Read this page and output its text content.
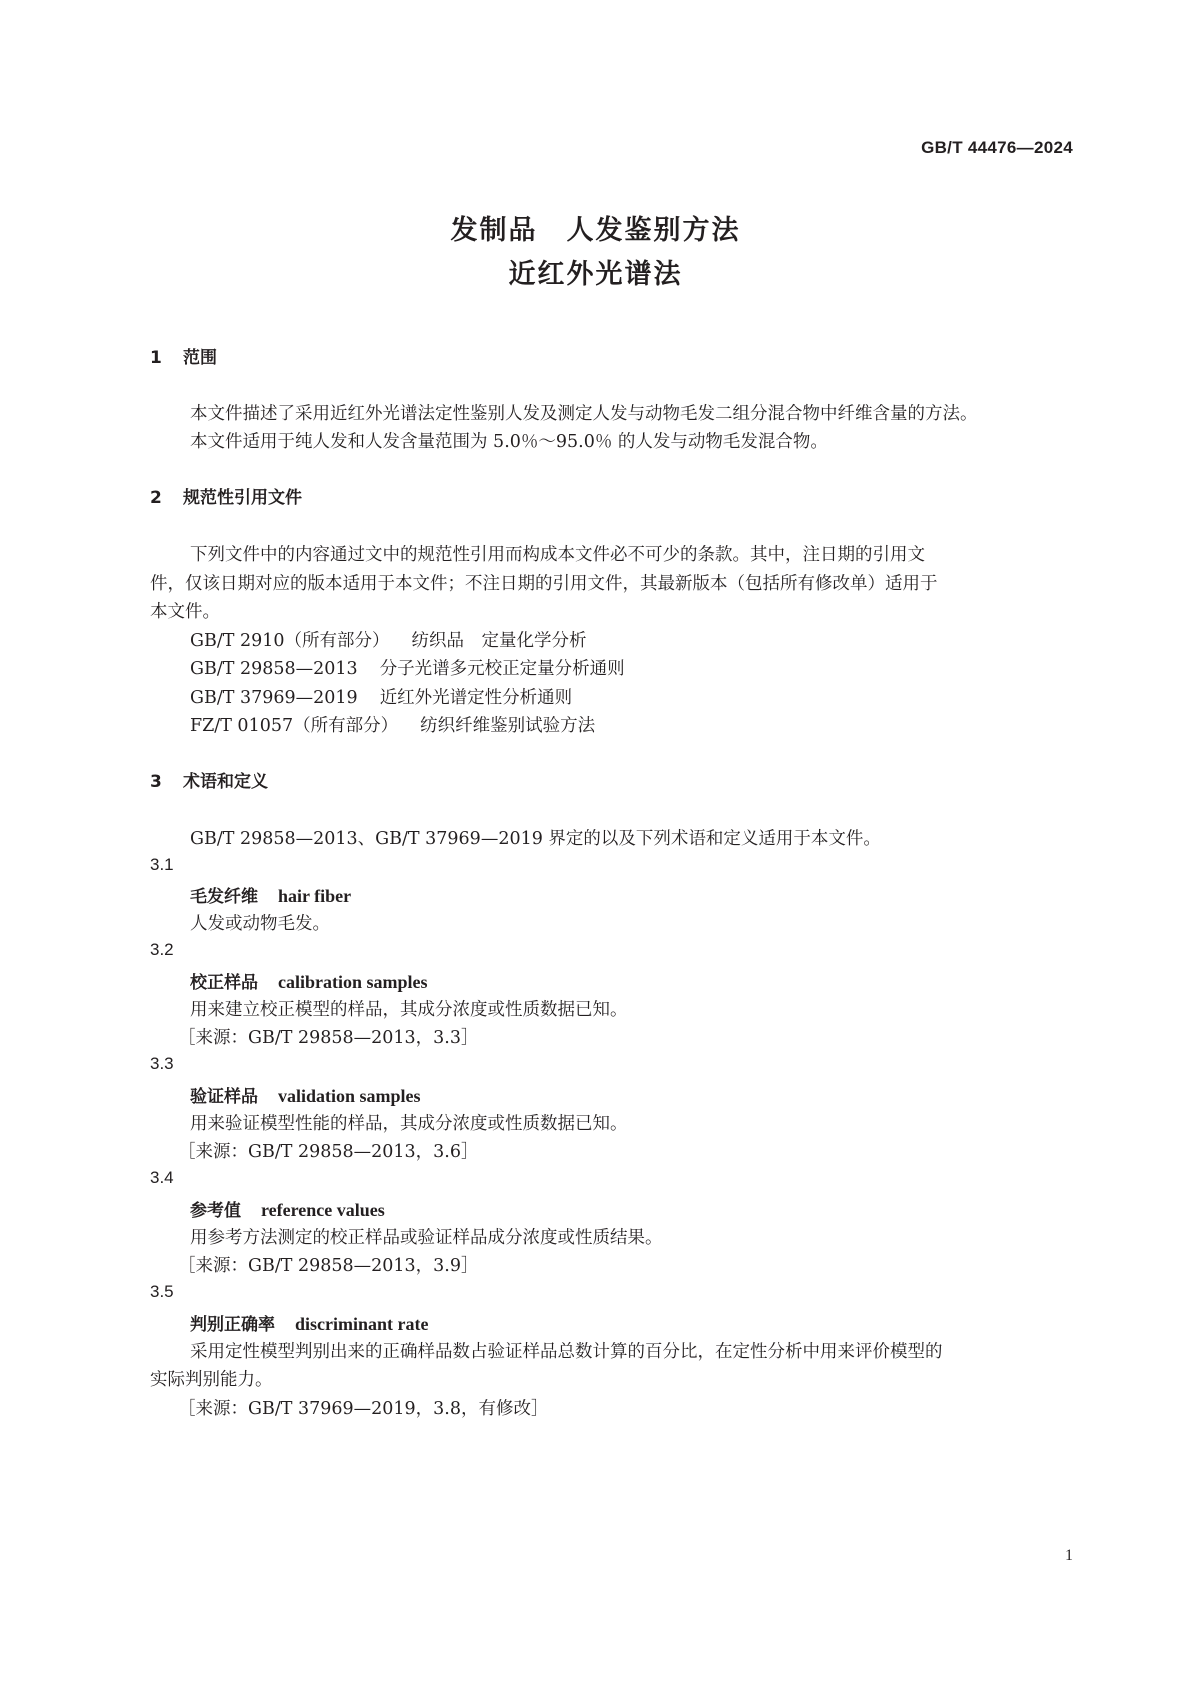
GB/T 44476—2024
发制品　人发鉴别方法
近红外光谱法
1 范围
本文件描述了采用近红外光谱法定性鉴别人发及测定人发与动物毛发二组分混合物中纤维含量的方法。
本文件适用于纯人发和人发含量范围为 5.0％～95.0％ 的人发与动物毛发混合物。
2 规范性引用文件
下列文件中的内容通过文中的规范性引用而构成本文件必不可少的条款。其中，注日期的引用文
件，仅该日期对应的版本适用于本文件；不注日期的引用文件，其最新版本（包括所有修改单）适用于
本文件。
GB/T 2910（所有部分） 纺织品　定量化学分析
GB/T 29858—2013 分子光谱多元校正定量分析通则
GB/T 37969—2019 近红外光谱定性分析通则
FZ/T 01057（所有部分） 纺织纤维鉴别试验方法
3 术语和定义
GB/T 29858—2013、GB/T 37969—2019 界定的以及下列术语和定义适用于本文件。
3.1
毛发纤维 hair fiber
人发或动物毛发。
3.2
校正样品 calibration samples
用来建立校正模型的样品，其成分浓度或性质数据已知。
［来源：GB/T 29858—2013，3.3］
3.3
验证样品 validation samples
用来验证模型性能的样品，其成分浓度或性质数据已知。
［来源：GB/T 29858—2013，3.6］
3.4
参考值 reference values
用参考方法测定的校正样品或验证样品成分浓度或性质结果。
［来源：GB/T 29858—2013，3.9］
3.5
判别正确率 discriminant rate
采用定性模型判别出来的正确样品数占验证样品总数计算的百分比，在定性分析中用来评价模型的
实际判别能力。
［来源：GB/T 37969—2019，3.8，有修改］
1
